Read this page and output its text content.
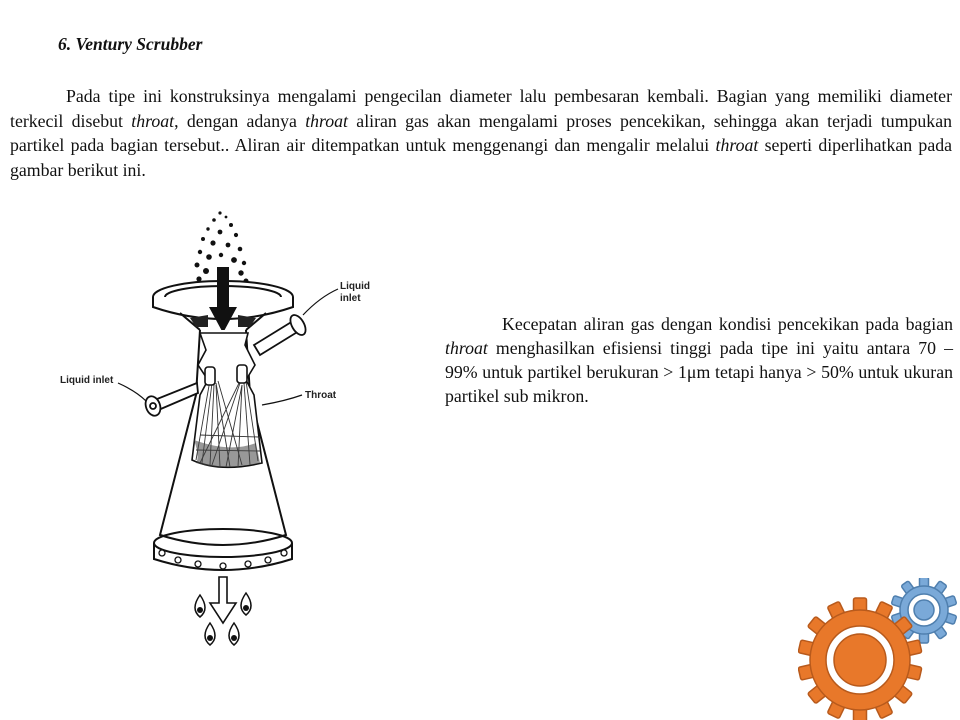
6. Ventury Scrubber

Pada tipe ini konstruksinya mengalami pengecilan diameter lalu pembesaran kembali. Bagian yang memiliki diameter terkecil disebut throat, dengan adanya throat aliran gas akan mengalami proses pencekikan, sehingga akan terjadi tumpukan partikel pada bagian tersebut.. Aliran air ditempatkan untuk menggenangi dan mengalir melalui throat seperti diperlihatkan pada gambar berikut ini.

Liquid
inlet
Liquid inlet
Throat

Kecepatan aliran gas dengan kondisi pencekikan pada bagian throat menghasilkan efisiensi tinggi pada tipe ini yaitu antara 70 – 99% untuk partikel berukuran > 1μm tetapi hanya > 50% untuk ukuran partikel sub mikron.
